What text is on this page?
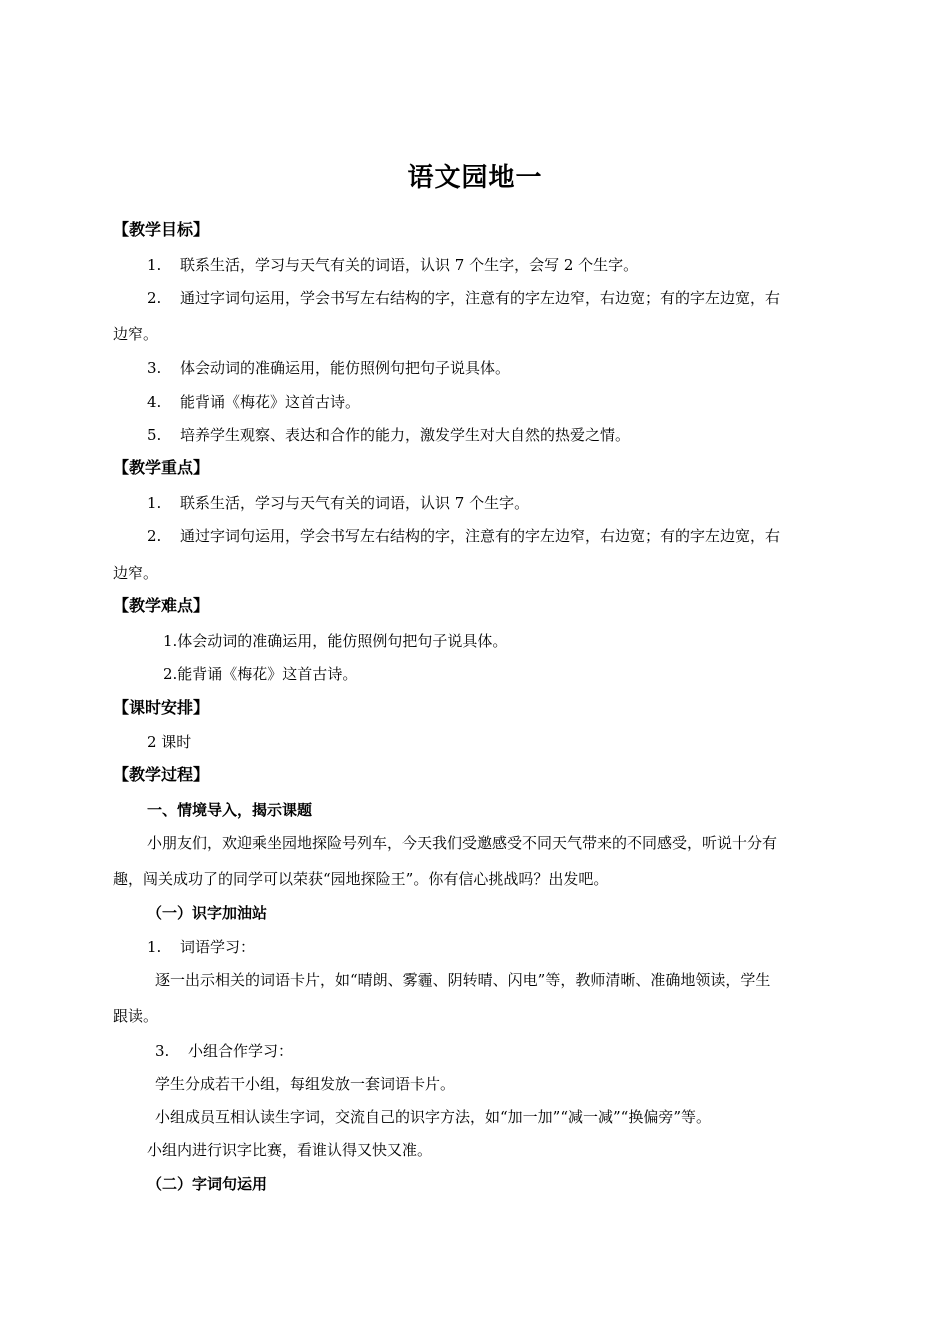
语文园地一
【教学目标】
1. 联系生活，学习与天气有关的词语，认识 7 个生字，会写 2 个生字。
2. 通过字词句运用，学会书写左右结构的字，注意有的字左边窄，右边宽；有的字左边宽，右
边窄。
3. 体会动词的准确运用，能仿照例句把句子说具体。
4. 能背诵《梅花》这首古诗。
5. 培养学生观察、表达和合作的能力，激发学生对大自然的热爱之情。
【教学重点】
1. 联系生活，学习与天气有关的词语，认识 7 个生字。
2. 通过字词句运用，学会书写左右结构的字，注意有的字左边窄，右边宽；有的字左边宽，右
边窄。
【教学难点】
1.体会动词的准确运用，能仿照例句把句子说具体。
2.能背诵《梅花》这首古诗。
【课时安排】
2 课时
【教学过程】
一、情境导入，揭示课题
小朋友们，欢迎乘坐园地探险号列车，今天我们受邀感受不同天气带来的不同感受，听说十分有
趣，闯关成功了的同学可以荣获“园地探险王”。你有信心挑战吗？出发吧。
（一）识字加油站
1. 词语学习：
逐一出示相关的词语卡片，如“晴朗、雾霾、阴转晴、闪电”等，教师清晰、准确地领读，学生
跟读。
3. 小组合作学习：
学生分成若干小组，每组发放一套词语卡片。
小组成员互相认读生字词，交流自己的识字方法，如“加一加”“减一减”“换偏旁”等。
小组内进行识字比赛，看谁认得又快又准。
（二）字词句运用
